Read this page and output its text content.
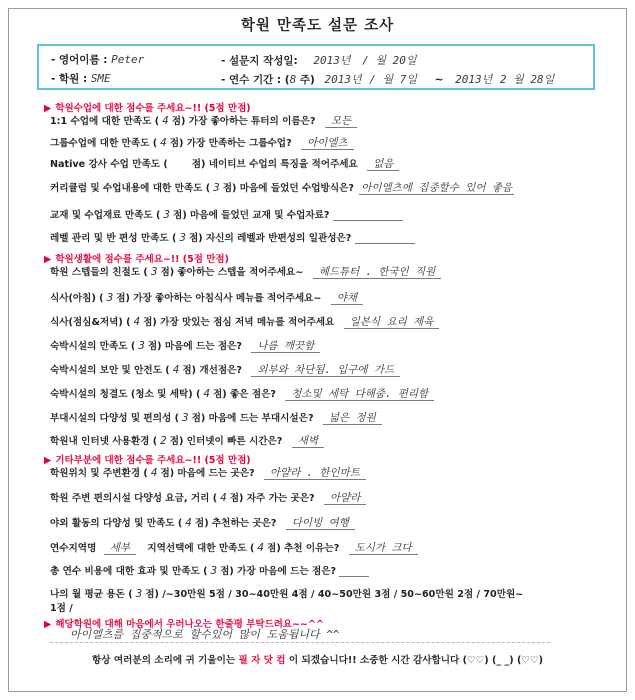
학원 만족도 설문 조사
- 영어이름 : Peter
- 학원 : SME
- 설문지 작성일: 2013년 / 월 20일
- 연수 기간 : (8 주) 2013년 / 월 7일 ~ 2013년 2 월 28일
▶ 학원수업에 대한 점수를 주세요~!! (5점 만점)
1:1 수업에 대한 만족도 ( 4 점) 가장 좋아하는 튜터의 이름은? 모든
그룹수업에 대한 만족도 ( 4 점) 가장 만족하는 그룹수업? 아이엘츠
Native 강사 수업 만족도 (	점) 네이티브 수업의 특징을 적어주세요 없음
커리큘럼 및 수업내용에 대한 만족도 ( 3 점) 마음에 들었던 수업방식은? 아이엘츠에 집중할수 있어 좋음
교재 및 수업재료 만족도 ( 3 점) 마음에 들었던 교재 및 수업자료?
레벨 관리 및 반 편성 만족도 ( 3 점) 자신의 레벨과 반편성의 일관성은?
▶ 학원생활에 점수를 주세요~!! (5점 만점)
학원 스텝들의 친절도 ( 3 점) 좋아하는 스텝을 적어주세요~ 헤드튜터 . 한국인 직원
식사(아침) ( 3 점) 가장 좋아하는 아침식사 메뉴를 적어주세요~ 야채
식사(점심&저녁) ( 4 점) 가장 맛있는 점심 저녁 메뉴를 적어주세요 일본식 요리 제육
숙박시설의 만족도 ( 3 점) 마음에 드는 점은? 나름 깨끗함
숙박시설의 보안 및 안전도 ( 4 점) 개선점은? 외부와 차단됨. 입구에 가드
숙박시설의 청결도 (청소 및 세탁) ( 4 점) 좋은 점은? 청소및 세탁 다해줌. 편리함
부대시설의 다양성 및 편의성 ( 3 점) 마음에 드는 부대시설은? 넓은 정원
학원내 인터넷 사용환경 ( 2 점) 인터넷이 빠른 시간은? 새벽
▶ 기타부분에 대한 점수를 주세요~!! (5점 만점)
학원위치 및 주변환경 ( 4 점) 마음에 드는 곳은? 아얄라 . 한인마트
학원 주변 편의시설 다양성 요금, 거리 ( 4 점) 자주 가는 곳은? 아얄라
야외 활동의 다양성 및 만족도 ( 4 점) 추천하는 곳은? 다이빙 여행
연수지역명 세부 지역선택에 대한 만족도 ( 4 점) 추천 이유는? 도시가 크다
총 연수 비용에 대한 효과 및 만족도 ( 3 점) 가장 마음에 드는 점은?
나의 월 평균 용돈 ( 3 점) /~30만원 5점 / 30~40만원 4점 / 40~50만원 3점 / 50~60만원 2점 / 70만원~
1점 /
▶ 해당학원에 대해 마음에서 우러나오는 한줄평 부탁드려요~~^^
아이엘츠를 집중적으로 할수있어 많이 도움됩니다 ^^
항상 여러분의 소리에 귀 기울이는 필 자 닷 컴 이 되겠습니다!! 소중한 시간 감사합니다 (♡♡) (_ _) (♡♡)
